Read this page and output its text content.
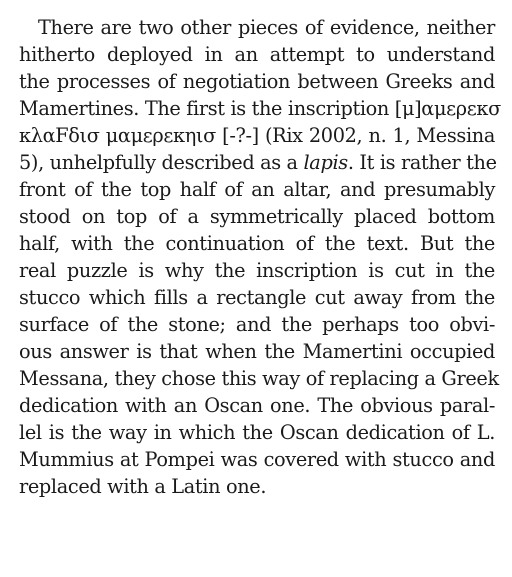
There are two other pieces of evidence, neither
hitherto deployed in an attempt to understand
the processes of negotiation between Greeks and
Mamertines. The first is the inscription [μ]αμερεκσ
κλαFδισ μαμερεκηισ [-?-] (Rix 2002, n. 1, Messina
5), unhelpfully described as a lapis. It is rather the
front of the top half of an altar, and presumably
stood on top of a symmetrically placed bottom
half, with the continuation of the text. But the
real puzzle is why the inscription is cut in the
stucco which fills a rectangle cut away from the
surface of the stone; and the perhaps too obvi-
ous answer is that when the Mamertini occupied
Messana, they chose this way of replacing a Greek
dedication with an Oscan one. The obvious paral-
lel is the way in which the Oscan dedication of L.
Mummius at Pompei was covered with stucco and
replaced with a Latin one.
